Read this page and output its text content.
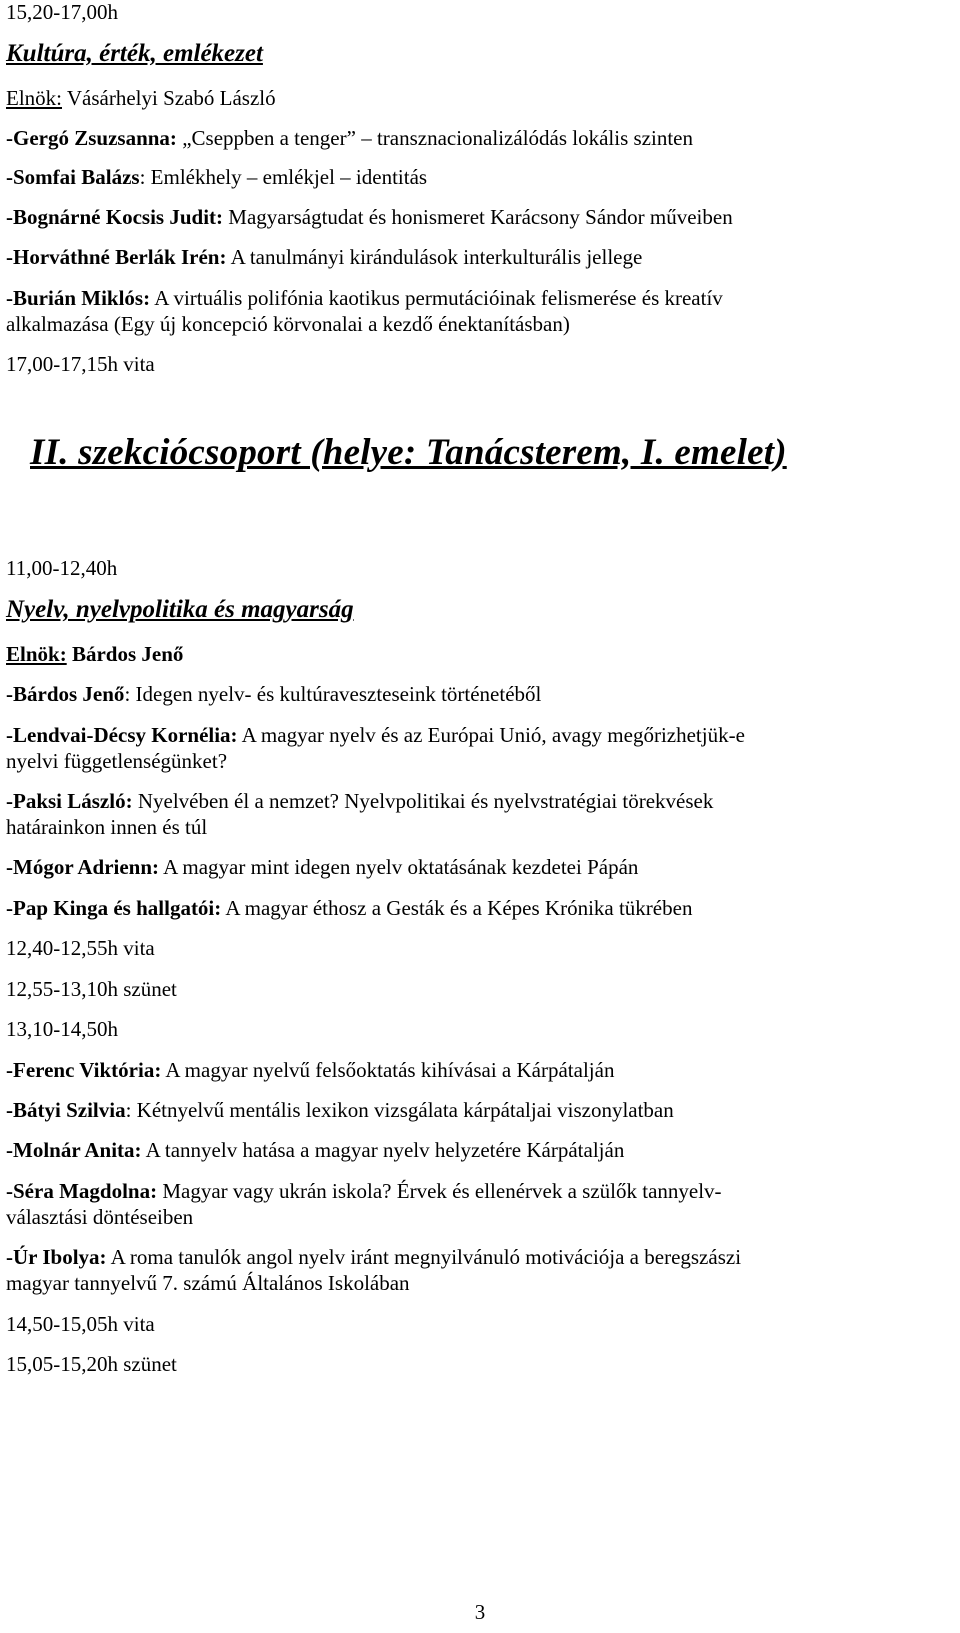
15,20-17,00h
Kultúra, érték, emlékezet
Elnök: Vásárhelyi Szabó László
-Gergó Zsuzsanna: „Cseppben a tenger” – transznacionalizálódás lokális szinten
-Somfai Balázs: Emlékhely – emlékjel – identitás
-Bognárné Kocsis Judit: Magyarságtudat és honismeret Karácsony Sándor műveiben
-Horváthné Berlák Irén: A tanulmányi kirándulások interkulturális jellege
-Burián Miklós: A virtuális polifónia kaotikus permutációinak felismerése és kreatív
alkalmazása (Egy új koncepció körvonalai a kezdő énektanításban)
17,00-17,15h vita
II. szekciócsoport (helye: Tanácsterem, I. emelet)
11,00-12,40h
Nyelv, nyelvpolitika és magyarság
Elnök: Bárdos Jenő
-Bárdos Jenő: Idegen nyelv- és kultúraveszteseink történetéből
-Lendvai-Décsy Kornélia: A magyar nyelv és az Európai Unió, avagy megőrizhetjük-e
nyelvi függetlenségünket?
-Paksi László: Nyelvében él a nemzet? Nyelvpolitikai és nyelvstratégiai törekvések
határainkon innen és túl
-Mógor Adrienn: A magyar mint idegen nyelv oktatásának kezdetei Pápán
-Pap Kinga és hallgatói: A magyar éthosz a Gesták és a Képes Krónika tükrében
12,40-12,55h vita
12,55-13,10h szünet
13,10-14,50h
-Ferenc Viktória: A magyar nyelvű felsőoktatás kihívásai a Kárpátalján
-Bátyi Szilvia: Kétnyelvű mentális lexikon vizsgálata kárpátaljai viszonylatban
-Molnár Anita: A tannyelv hatása a magyar nyelv helyzetére Kárpátalján
-Séra Magdolna: Magyar vagy ukrán iskola? Érvek és ellenérvek a szülők tannyelv-
választási döntéseiben
-Úr Ibolya: A roma tanulók angol nyelv iránt megnyilvánuló motivációja a beregszászi
magyar tannyelvű 7. számú Általános Iskolában
14,50-15,05h vita
15,05-15,20h szünet
3
